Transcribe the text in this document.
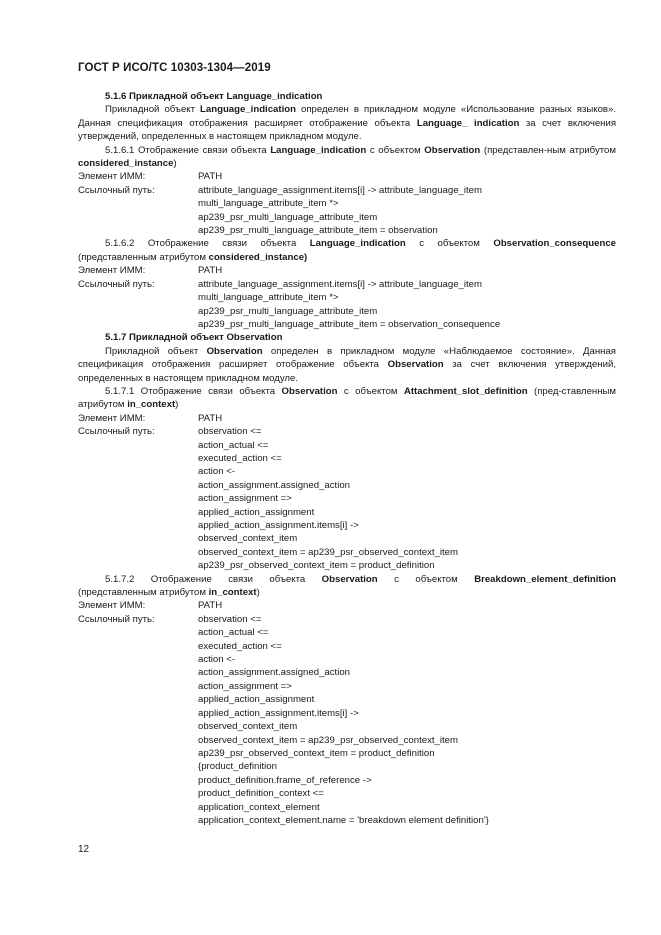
ГОСТ Р ИСО/ТС 10303-1304—2019

5.1.6 Прикладной объект Language_indication

Прикладной объект Language_indication определен в прикладном модуле «Использование разных языков». Данная спецификация отображения расширяет отображение объекта Language_ indication за счет включения утверждений, определенных в настоящем прикладном модуле.

5.1.6.1 Отображение связи объекта Language_indication с объектом Observation (представлен-ным атрибутом considered_instance)

Элемент ИММ:	PATH
Ссылочный путь:	attribute_language_assignment.items[i] -> attribute_language_item
multi_language_attribute_item *>
ap239_psr_multi_language_attribute_item
ap239_psr_multi_language_attribute_item = observation

5.1.6.2 Отображение связи объекта Language_indication с объектом Observation_consequence

(представленным атрибутом considered_instance)

Элемент ИММ:	PATH
Ссылочный путь:	attribute_language_assignment.items[i] -> attribute_language_item
multi_language_attribute_item *>
ap239_psr_multi_language_attribute_item
ap239_psr_multi_language_attribute_item = observation_consequence

5.1.7 Прикладной объект Observation

Прикладной объект Observation определен в прикладном модуле «Наблюдаемое состояние». Данная спецификация отображения расширяет отображение объекта Observation за счет включения утверждений, определенных в настоящем прикладном модуле.

5.1.7.1 Отображение связи объекта Observation с объектом Attachment_slot_definition (пред-ставленным атрибутом in_context)

Элемент ИММ:	PATH
Ссылочный путь:	observation <=
action_actual <=
executed_action <=
action <-
action_assignment.assigned_action
action_assignment =>
applied_action_assignment
applied_action_assignment.items[i] ->
observed_context_item
observed_context_item = ap239_psr_observed_context_item
ap239_psr_observed_context_item = product_definition

5.1.7.2 Отображение связи объекта Observation с объектом Breakdown_element_definition

(представленным атрибутом in_context)

Элемент ИММ:	PATH
Ссылочный путь:	observation <=
action_actual <=
executed_action <=
action <-
action_assignment.assigned_action
action_assignment =>
applied_action_assignment
applied_action_assignment.items[i] ->
observed_context_item
observed_context_item = ap239_psr_observed_context_item
ap239_psr_observed_context_item = product_definition
{product_definition
product_definition.frame_of_reference ->
product_definition_context <=
application_context_element
application_context_element.name = 'breakdown element definition'}
12
